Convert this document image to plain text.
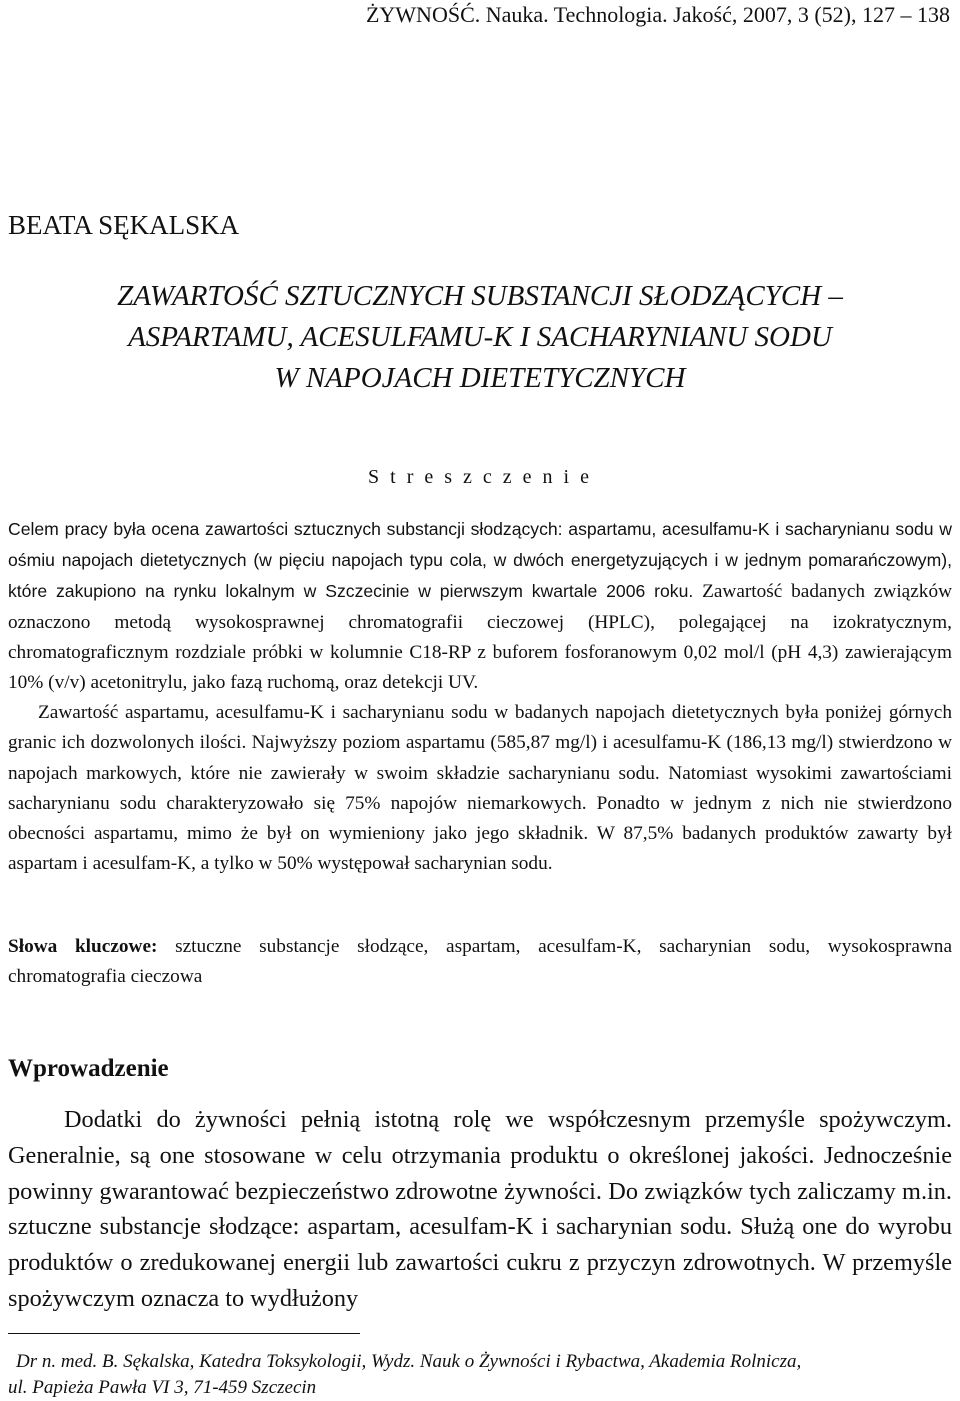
ŻYWNOŚĆ. Nauka. Technologia. Jakość, 2007, 3 (52), 127 – 138
BEATA SĘKALSKA
ZAWARTOŚĆ SZTUCZNYCH SUBSTANCJI SŁODZĄCYCH –
ASPARTAMU, ACESULFAMU-K I SACHARYNIANU SODU
W NAPOJACH DIETETYCZNYCH
S t r e s z c z e n i e

Celem pracy była ocena zawartości sztucznych substancji słodzących: aspartamu, acesulfamu-K i sacharynianu sodu w ośmiu napojach dietetycznych (w pięciu napojach typu cola, w dwóch energetyzujących i w jednym pomarańczowym), które zakupiono na rynku lokalnym w Szczecinie w pierwszym kwartale 2006 roku. Zawartość badanych związków oznaczono metodą wysokosprawnej chromatografii cieczowej (HPLC), polegającej na izokratycznym, chromatograficznym rozdziale próbki w kolumnie C18-RP z buforem fosforanowym 0,02 mol/l (pH 4,3) zawierającym 10% (v/v) acetonitrylu, jako fazą ruchomą, oraz detekcji UV.

Zawartość aspartamu, acesulfamu-K i sacharynianu sodu w badanych napojach dietetycznych była poniżej górnych granic ich dozwolonych ilości. Najwyższy poziom aspartamu (585,87 mg/l) i acesulfamu-K (186,13 mg/l) stwierdzono w napojach markowych, które nie zawierały w swoim składzie sacharynianu sodu. Natomiast wysokimi zawartościami sacharynianu sodu charakteryzowało się 75% napojów niemarkowych. Ponadto w jednym z nich nie stwierdzono obecności aspartamu, mimo że był on wymieniony jako jego składnik. W 87,5% badanych produktów zawarty był aspartam i acesulfam-K, a tylko w 50% występował sacharynian sodu.

Słowa kluczowe: sztuczne substancje słodzące, aspartam, acesulfam-K, sacharynian sodu, wysokosprawna chromatografia cieczowa
Wprowadzenie

Dodatki do żywności pełnią istotną rolę we współczesnym przemyśle spożywczym. Generalnie, są one stosowane w celu otrzymania produktu o określonej jakości. Jednocześnie powinny gwarantować bezpieczeństwo zdrowotne żywności. Do związków tych zaliczamy m.in. sztuczne substancje słodzące: aspartam, acesulfam-K i sacharynian sodu. Służą one do wyrobu produktów o zredukowanej energii lub zawartości cukru z przyczyn zdrowotnych. W przemyśle spożywczym oznacza to wydłużony

Dr n. med. B. Sękalska, Katedra Toksykologii, Wydz. Nauk o Żywności i Rybactwa, Akademia Rolnicza,
ul. Papieża Pawła VI 3, 71-459 Szczecin
